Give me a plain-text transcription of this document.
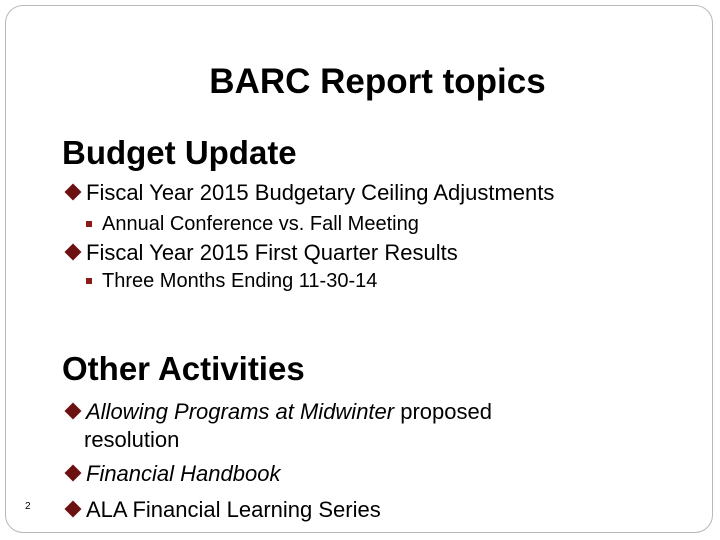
BARC Report topics
Budget Update
Fiscal Year 2015 Budgetary Ceiling Adjustments
Annual Conference vs. Fall Meeting
Fiscal Year 2015 First Quarter Results
Three Months Ending 11-30-14
Other Activities
Allowing Programs at Midwinter proposed
resolution
Financial Handbook
ALA Financial Learning Series
2
